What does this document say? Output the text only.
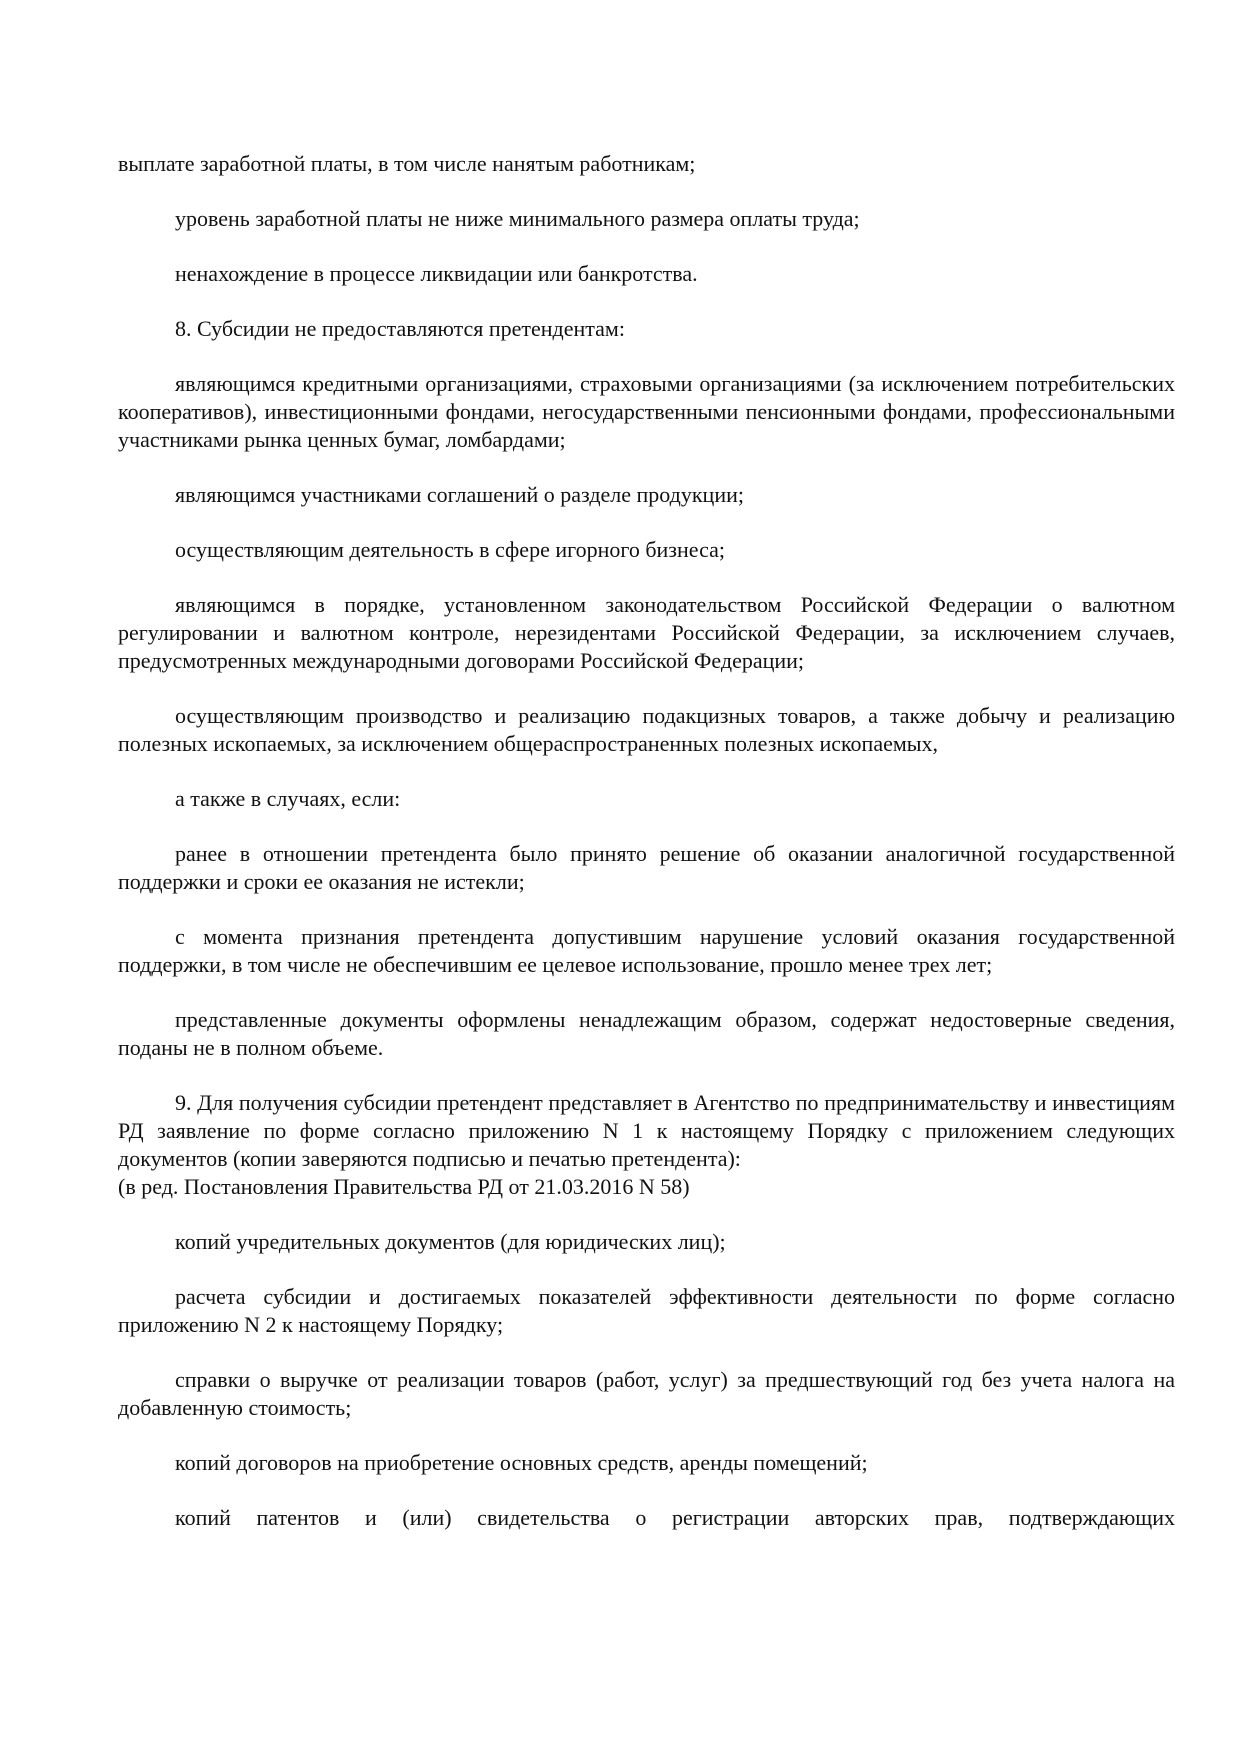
выплате заработной платы, в том числе нанятым работникам;

уровень заработной платы не ниже минимального размера оплаты труда;

ненахождение в процессе ликвидации или банкротства.

8. Субсидии не предоставляются претендентам:

являющимся кредитными организациями, страховыми организациями (за исключением потребительских кооперативов), инвестиционными фондами, негосударственными пенсионными фондами, профессиональными участниками рынка ценных бумаг, ломбардами;

являющимся участниками соглашений о разделе продукции;

осуществляющим деятельность в сфере игорного бизнеса;

являющимся в порядке, установленном законодательством Российской Федерации о валютном регулировании и валютном контроле, нерезидентами Российской Федерации, за исключением случаев, предусмотренных международными договорами Российской Федерации;

осуществляющим производство и реализацию подакцизных товаров, а также добычу и реализацию полезных ископаемых, за исключением общераспространенных полезных ископаемых,

а также в случаях, если:

ранее в отношении претендента было принято решение об оказании аналогичной государственной поддержки и сроки ее оказания не истекли;

с момента признания претендента допустившим нарушение условий оказания государственной поддержки, в том числе не обеспечившим ее целевое использование, прошло менее трех лет;

представленные документы оформлены ненадлежащим образом, содержат недостоверные сведения, поданы не в полном объеме.

9. Для получения субсидии претендент представляет в Агентство по предпринимательству и инвестициям РД заявление по форме согласно приложению N 1 к настоящему Порядку с приложением следующих документов (копии заверяются подписью и печатью претендента):

(в ред. Постановления Правительства РД от 21.03.2016 N 58)

копий учредительных документов (для юридических лиц);

расчета субсидии и достигаемых показателей эффективности деятельности по форме согласно приложению N 2 к настоящему Порядку;

справки о выручке от реализации товаров (работ, услуг) за предшествующий год без учета налога на добавленную стоимость;

копий договоров на приобретение основных средств, аренды помещений;

копий патентов и (или) свидетельства о регистрации авторских прав, подтверждающих
